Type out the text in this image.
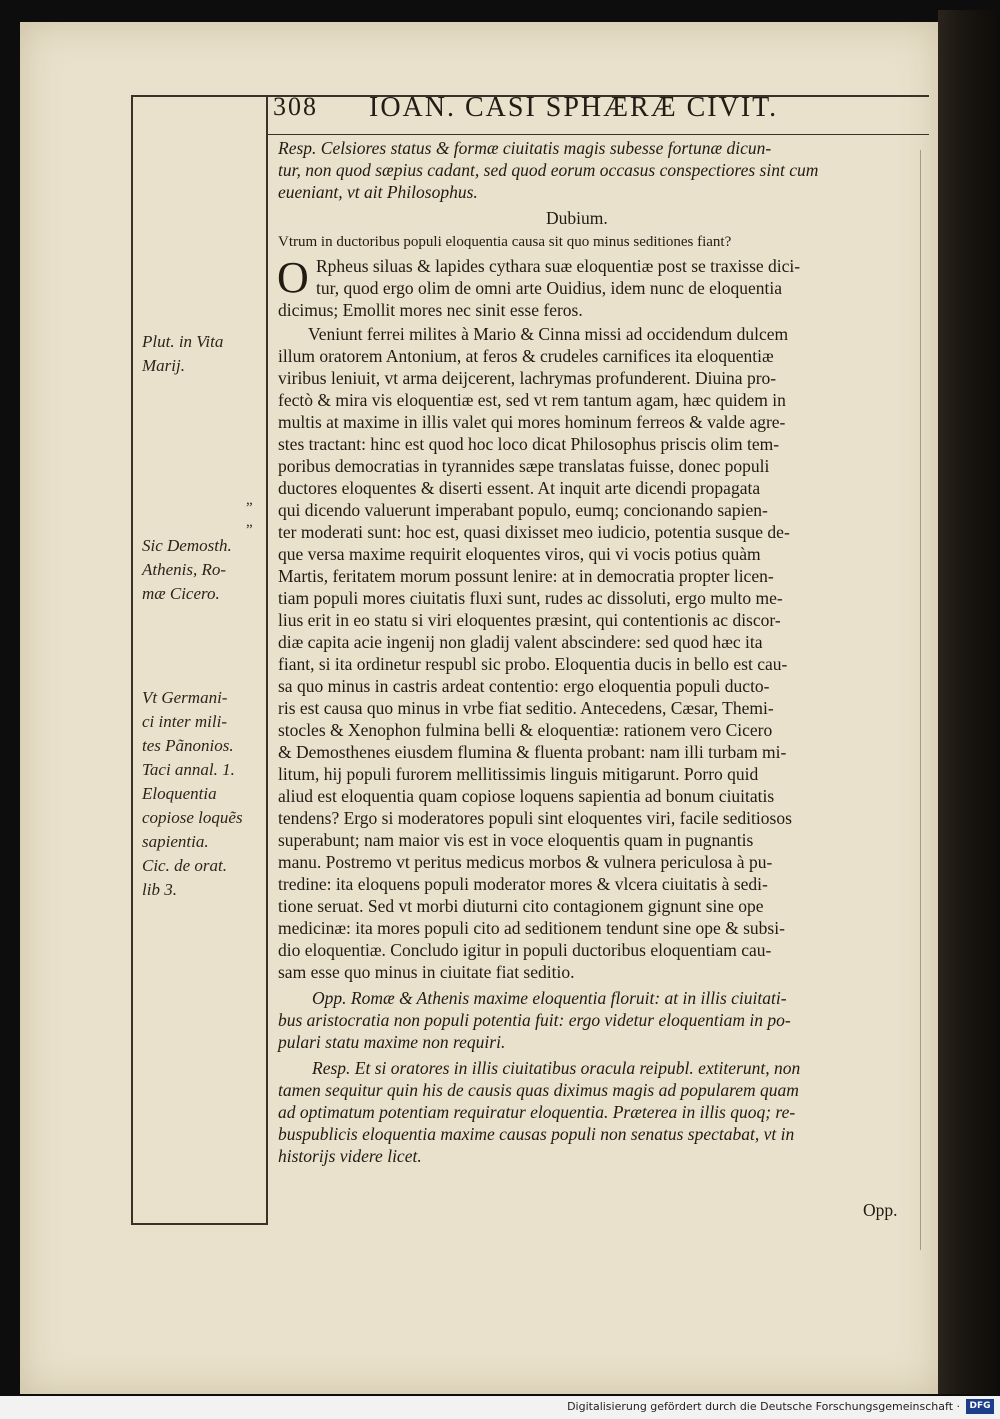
308 IOAN. CASI SPHÆRÆ CIVIT.
Resp. Celsiores status & formæ ciuitatis magis subesse fortunæ dicun-
tur, non quod sæpius cadant, sed quod eorum occasus conspectiores sint cum
eueniant, vt ait Philosophus.
Dubium.
Vtrum in ductoribus populi eloquentia causa sit quo minus seditiones fiant?
Rpheus siluas & lapides cythara suæ eloquentiæ post se traxisse dici-
tur, quod ergo olim de omni arte Ouidius, idem nunc de eloquentia
dicimus; Emollit mores nec sinit esse feros.
Veniunt ferrei milites à Mario & Cinna missi ad occidendum dulcem
illum oratorem Antonium, at feros & crudeles carnifices ita eloquentiæ
viribus leniuit, vt arma deijcerent, lachrymas profunderent. Diuina pro-
fectò & mira vis eloquentiæ est, sed vt rem tantum agam, hæc quidem in
multis at maxime in illis valet qui mores hominum ferreos & valde agre-
stes tractant: hinc est quod hoc loco dicat Philosophus priscis olim tem-
poribus democratias in tyrannides sæpe translatas fuisse, donec populi
ductores eloquentes & diserti essent. At inquit arte dicendi propagata
qui dicendo valuerunt imperabant populo, eumq; concionando sapien-
ter moderati sunt: hoc est, quasi dixisset meo iudicio, potentia susque de-
que versa maxime requirit eloquentes viros, qui vi vocis potius quàm
Martis, feritatem morum possunt lenire: at in democratia propter licen-
tiam populi mores ciuitatis fluxi sunt, rudes ac dissoluti, ergo multo me-
lius erit in eo statu si viri eloquentes præsint, qui contentionis ac discor-
diæ capita acie ingenij non gladij valent abscindere: sed quod hæc ita
fiant, si ita ordinetur respubl sic probo. Eloquentia ducis in bello est cau-
sa quo minus in castris ardeat contentio: ergo eloquentia populi ducto-
ris est causa quo minus in vrbe fiat seditio. Antecedens, Cæsar, Themi-
stocles & Xenophon fulmina belli & eloquentiæ: rationem vero Cicero
& Demosthenes eiusdem flumina & fluenta probant: nam illi turbam mi-
litum, hij populi furorem mellitissimis linguis mitigarunt. Porro quid
aliud est eloquentia quam copiose loquens sapientia ad bonum ciuitatis
tendens? Ergo si moderatores populi sint eloquentes viri, facile seditiosos
superabunt; nam maior vis est in voce eloquentis quam in pugnantis
manu. Postremo vt peritus medicus morbos & vulnera periculosa à pu-
tredine: ita eloquens populi moderator mores & vlcera ciuitatis à sedi-
tione seruat. Sed vt morbi diuturni cito contagionem gignunt sine ope
medicinæ: ita mores populi cito ad seditionem tendunt sine ope & subsi-
dio eloquentiæ. Concludo igitur in populi ductoribus eloquentiam cau-
sam esse quo minus in ciuitate fiat seditio.
Opp. Romæ & Athenis maxime eloquentia floruit: at in illis ciuitati-
bus aristocratia non populi potentia fuit: ergo videtur eloquentiam in po-
pulari statu maxime non requiri.
Resp. Et si oratores in illis ciuitatibus oracula reipubl. extiterunt, non
tamen sequitur quin his de causis quas diximus magis ad popularem quam
ad optimatum potentiam requiratur eloquentia. Præterea in illis quoq; re-
buspublicis eloquentia maxime causas populi non senatus spectabat, vt in
historijs videre licet.
Opp.
O
Plut. in Vita
Marij.
„
„
Sic Demosth.
Athenis, Ro-
mæ Cicero.
Vt Germani-
ci inter mili-
tes Pãnonios.
Taci annal. 1.
Eloquentia
copiose loquẽs
sapientia.
Cic. de orat.
lib 3.
Digitalisierung gefördert durch die Deutsche Forschungsgemeinschaft ·	DFG
